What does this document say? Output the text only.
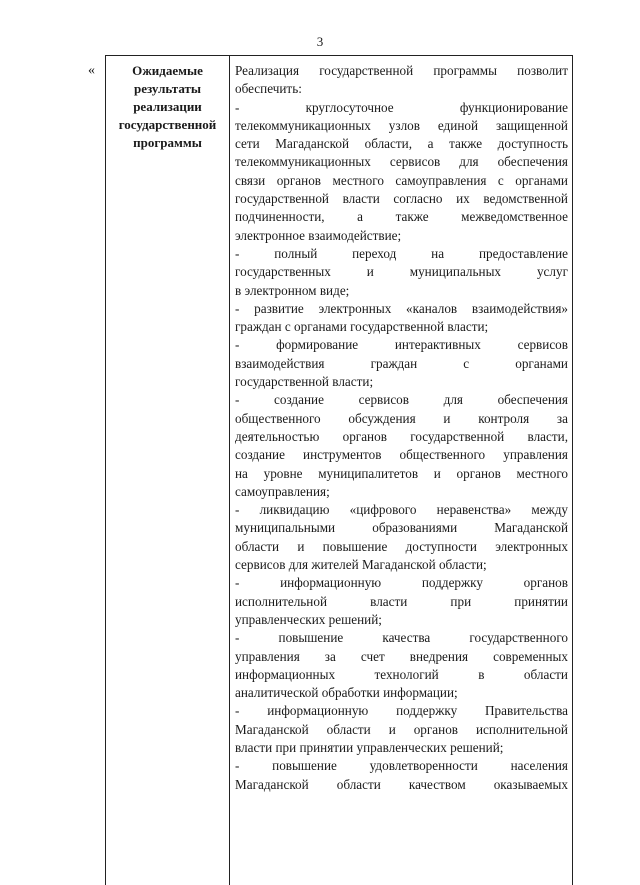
3
«	Ожидаемые
результаты
реализации
государственной
программы
Реализация государственной программы позволит
обеспечить:
- круглосуточное функционирование
телекоммуникационных узлов единой защищенной
сети Магаданской области, а также доступность
телекоммуникационных сервисов для обеспечения
связи органов местного самоуправления с органами
государственной власти согласно их ведомственной
подчиненности, а также межведомственное
электронное взаимодействие;
- полный переход на предоставление
государственных и муниципальных услуг
в электронном виде;
- развитие электронных «каналов взаимодействия»
граждан с органами государственной власти;
- формирование интерактивных сервисов
взаимодействия граждан с органами
государственной власти;
- создание сервисов для обеспечения
общественного обсуждения и контроля за
деятельностью органов государственной власти,
создание инструментов общественного управления
на уровне муниципалитетов и органов местного
самоуправления;
- ликвидацию «цифрового неравенства» между
муниципальными образованиями Магаданской
области и повышение доступности электронных
сервисов для жителей Магаданской области;
- информационную поддержку органов
исполнительной власти при принятии
управленческих решений;
- повышение качества государственного
управления за счет внедрения современных
информационных технологий в области
аналитической обработки информации;
- информационную поддержку Правительства
Магаданской области и органов исполнительной
власти при принятии управленческих решений;
- повышение удовлетворенности населения
Магаданской области качеством оказываемых
